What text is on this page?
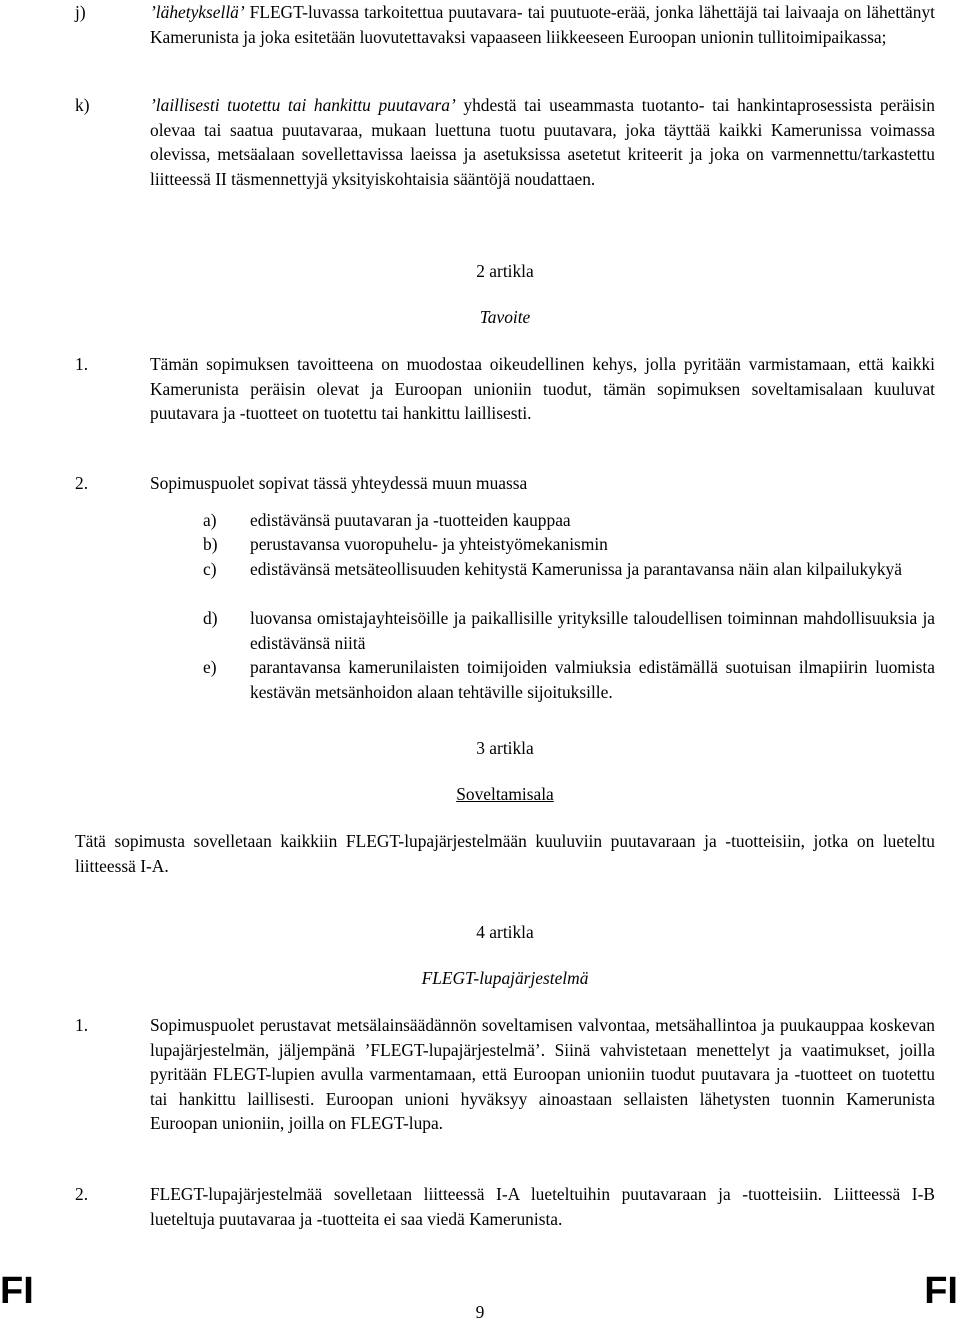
j)	’lähetyksellä’ FLEGT-luvassa tarkoitettua puutavara- tai puutuote-erää, jonka lähettäjä tai laivaaja on lähettänyt Kamerunista ja joka esitetään luovutettavaksi vapaaseen liikkeeseen Euroopan unionin tullitoimipaikassa;
k)	’laillisesti tuotettu tai hankittu puutavara’ yhdestä tai useammasta tuotanto- tai hankintaprosessista peräisin olevaa tai saatua puutavaraa, mukaan luettuna tuotu puutavara, joka täyttää kaikki Kamerunissa voimassa olevissa, metsäalaan sovellettavissa laeissa ja asetuksissa asetetut kriteerit ja joka on varmennettu/tarkastettu liitteessä II täsmennettyjä yksityiskohtaisia sääntöjä noudattaen.
2 artikla
Tavoite
1.	Tämän sopimuksen tavoitteena on muodostaa oikeudellinen kehys, jolla pyritään varmistamaan, että kaikki Kamerunista peräisin olevat ja Euroopan unioniin tuodut, tämän sopimuksen soveltamisalaan kuuluvat puutavara ja -tuotteet on tuotettu tai hankittu laillisesti.
2.	Sopimuspuolet sopivat tässä yhteydessä muun muassa
a) edistävänsä puutavaran ja -tuotteiden kauppaa
b) perustavansa vuoropuhelu- ja yhteistyömekanismin
c) edistävänsä metsäteollisuuden kehitystä Kamerunissa ja parantavansa näin alan kilpailukykyä
d) luovansa omistajayhteisöille ja paikallisille yrityksille taloudellisen toiminnan mahdollisuuksia ja edistävänsä niitä
e) parantavansa kamerunilaisten toimijoiden valmiuksia edistämällä suotuisan ilmapiirin luomista kestävän metsänhoidon alaan tehtäville sijoituksille.
3 artikla
Soveltamisala
Tätä sopimusta sovelletaan kaikkiin FLEGT-lupajärjestelmään kuuluviin puutavaraan ja -tuotteisiin, jotka on lueteltu liitteessä I-A.
4 artikla
FLEGT-lupajärjestelmä
1.	Sopimuspuolet perustavat metsälainsäädännön soveltamisen valvontaa, metsähallintoa ja puukauppaa koskevan lupajärjestelmän, jäljempänä ’FLEGT-lupajärjestelmä’. Siinä vahvistetaan menettelyt ja vaatimukset, joilla pyritään FLEGT-lupien avulla varmentamaan, että Euroopan unioniin tuodut puutavara ja -tuotteet on tuotettu tai hankittu laillisesti. Euroopan unioni hyväksyy ainoastaan sellaisten lähetysten tuonnin Kamerunista Euroopan unioniin, joilla on FLEGT-lupa.
2.	FLEGT-lupajärjestelmää sovelletaan liitteessä I-A lueteltuihin puutavaraan ja -tuotteisiin. Liitteessä I-B lueteltuja puutavaraa ja -tuotteita ei saa viedä Kamerunista.
FI	9	FI
